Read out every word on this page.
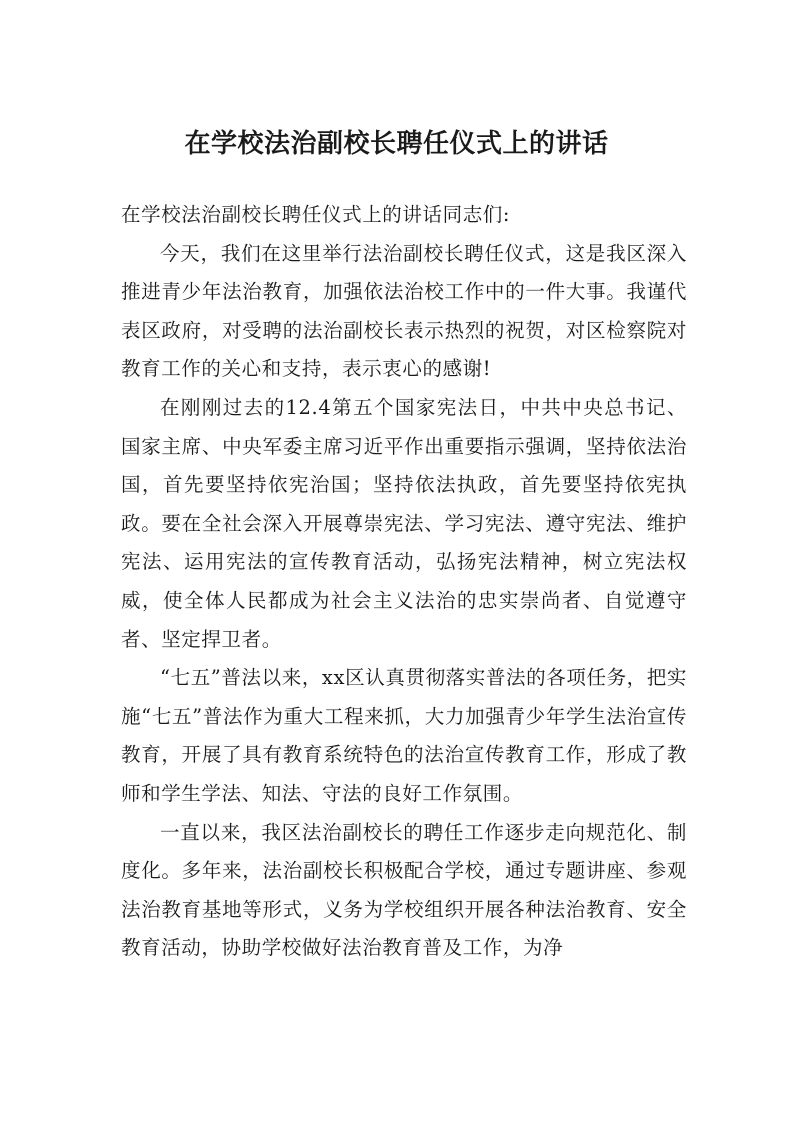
在学校法治副校长聘任仪式上的讲话

在学校法治副校长聘任仪式上的讲话同志们:

今天，我们在这里举行法治副校长聘任仪式，这是我区深入推进青少年法治教育，加强依法治校工作中的一件大事。我谨代表区政府，对受聘的法治副校长表示热烈的祝贺，对区检察院对教育工作的关心和支持，表示衷心的感谢!

在刚刚过去的12.4第五个国家宪法日，中共中央总书记、国家主席、中央军委主席习近平作出重要指示强调，坚持依法治国，首先要坚持依宪治国；坚持依法执政，首先要坚持依宪执政。要在全社会深入开展尊崇宪法、学习宪法、遵守宪法、维护宪法、运用宪法的宣传教育活动，弘扬宪法精神，树立宪法权威，使全体人民都成为社会主义法治的忠实崇尚者、自觉遵守者、坚定捍卫者。

“七五”普法以来，xx区认真贯彻落实普法的各项任务，把实施“七五”普法作为重大工程来抓，大力加强青少年学生法治宣传教育，开展了具有教育系统特色的法治宣传教育工作，形成了教师和学生学法、知法、守法的良好工作氛围。

一直以来，我区法治副校长的聘任工作逐步走向规范化、制度化。多年来，法治副校长积极配合学校，通过专题讲座、参观法治教育基地等形式，义务为学校组织开展各种法治教育、安全教育活动，协助学校做好法治教育普及工作，为净
